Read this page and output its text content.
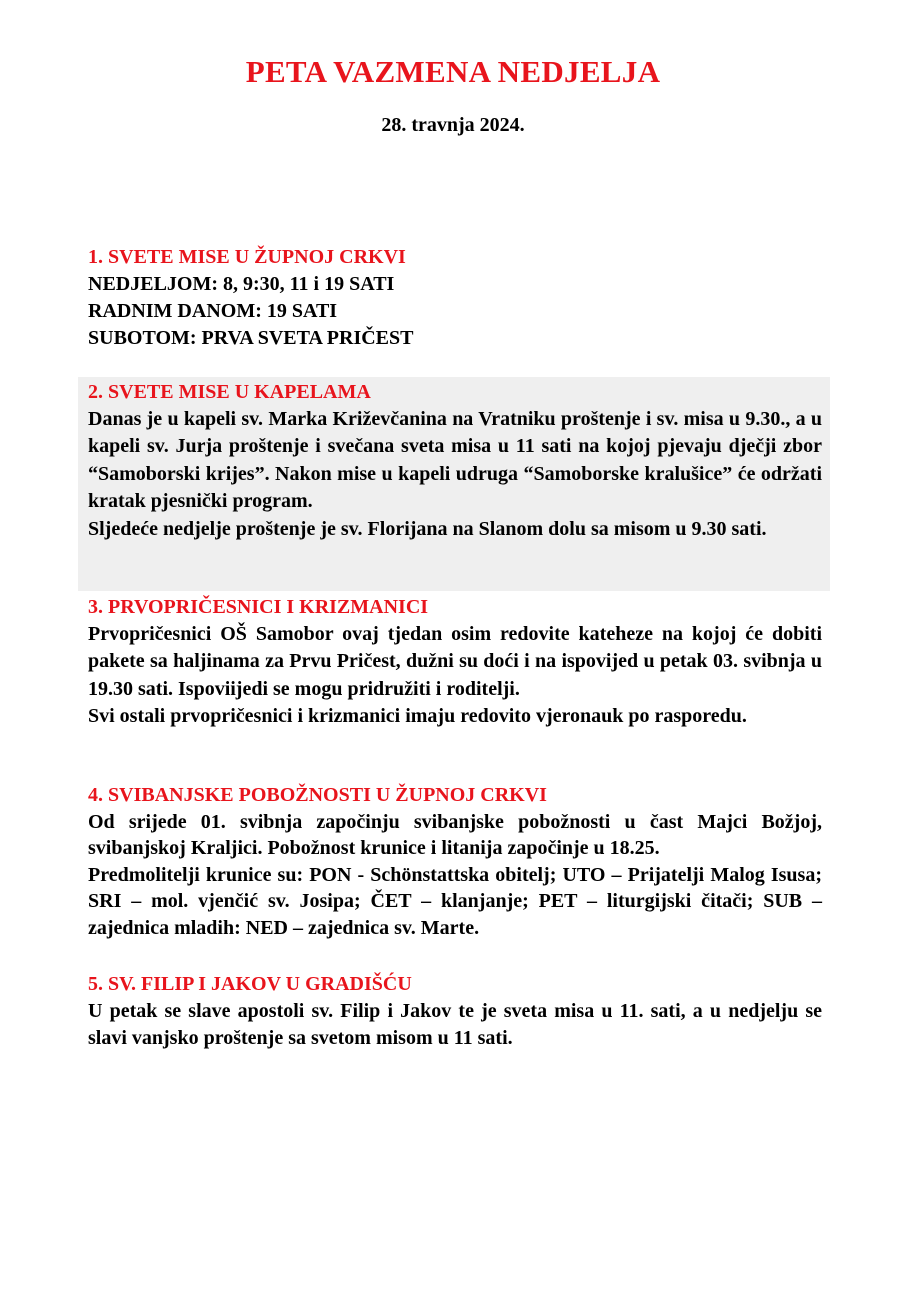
PETA VAZMENA NEDJELJA
28. travnja 2024.
1. SVETE MISE U ŽUPNOJ CRKVI
NEDJELJOM: 8, 9:30, 11 i 19 SATI
RADNIM DANOM: 19 SATI
SUBOTOM: PRVA SVETA PRIČEST
2. SVETE MISE U KAPELAMA
Danas je u kapeli sv. Marka Križevčanina na Vratniku proštenje i sv. misa u 9.30., a u kapeli sv. Jurja proštenje i svečana sveta misa u 11 sati na kojoj pjevaju dječji zbor “Samoborski krijes”. Nakon mise u kapeli udruga “Samoborske kralušice” će održati kratak pjesnički program.
Sljedeće nedjelje proštenje je sv. Florijana na Slanom dolu sa misom u 9.30 sati.
3. PRVOPRIČESNICI I KRIZMANICI
Prvopričesnici OŠ Samobor ovaj tjedan osim redovite kateheze na kojoj će dobiti pakete sa haljinama za Prvu Pričest, dužni su doći i na ispovijed u petak 03. svibnja u 19.30 sati. Ispoviijedi se mogu pridružiti i roditelji.
Svi ostali prvopričesnici i krizmanici imaju redovito vjeronauk po rasporedu.
4. SVIBANJSKE POBOŽNOSTI U ŽUPNOJ CRKVI
Od srijede 01. svibnja započinju svibanjske pobožnosti u čast Majci Božjoj, svibanjskoj Kraljici. Pobožnost krunice i litanija započinje u 18.25.
Predmolitelji krunice su: PON - Schönstattska obitelj; UTO – Prijatelji Malog Isusa; SRI – mol. vjenčić sv. Josipa; ČET – klanjanje; PET – liturgijski čitači; SUB – zajednica mladih: NED – zajednica sv. Marte.
5. SV. FILIP I JAKOV U GRADIŠĆU
U petak se slave apostoli sv. Filip i Jakov te je sveta misa u 11. sati, a u nedjelju se slavi vanjsko proštenje sa svetom misom u 11 sati.
